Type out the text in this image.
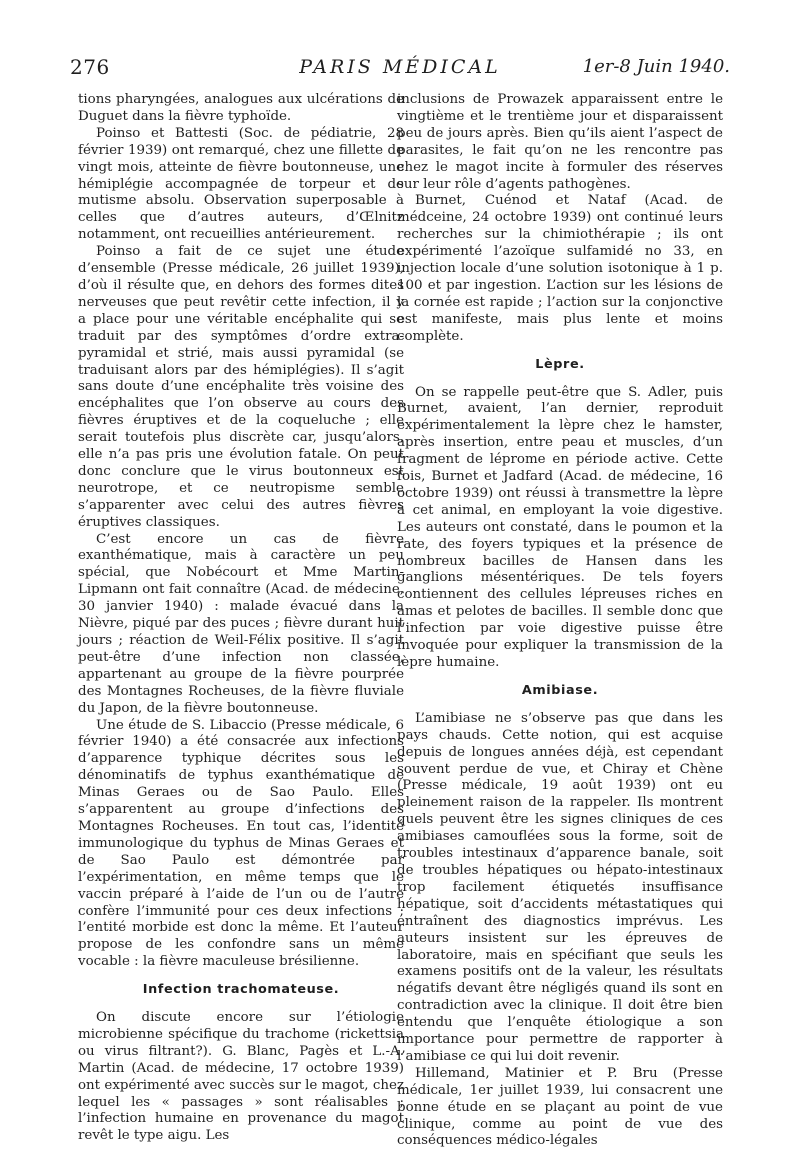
276	PARIS MÉDICAL	1er-8 Juin 1940.

tions pharyngées, analogues aux ulcérations de Duguet dans la fièvre typhoïde.

Poinso et Battesti (Soc. de pédiatrie, 28 février 1939) ont remarqué, chez une fillette de vingt mois, atteinte de fièvre boutonneuse, une hémiplégie accompagnée de torpeur et de mutisme absolu. Observation superposable à celles que d’autres auteurs, d’Œlnitz notamment, ont recueillies antérieurement.

Poinso a fait de ce sujet une étude d’ensemble (Presse médicale, 26 juillet 1939), d’où il résulte que, en dehors des formes dites nerveuses que peut revêtir cette infection, il y a place pour une véritable encéphalite qui se traduit par des symptômes d’ordre extra-pyramidal et strié, mais aussi pyramidal (se traduisant alors par des hémiplégies). Il s’agit sans doute d’une encéphalite très voisine des encéphalites que l’on observe au cours des fièvres éruptives et de la coqueluche ; elle serait toutefois plus discrète car, jusqu’alors, elle n’a pas pris une évolution fatale. On peut donc conclure que le virus boutonneux est neurotrope, et ce neutropisme semble s’apparenter avec celui des autres fièvres éruptives classiques.

C’est encore un cas de fièvre exanthématique, mais à caractère un peu spécial, que Nobécourt et Mme Martin-Lipmann ont fait connaître (Acad. de médecine, 30 janvier 1940) : malade évacué dans la Nièvre, piqué par des puces ; fièvre durant huit jours ; réaction de Weil-Félix positive. Il s’agit peut-être d’une infection non classée, appartenant au groupe de la fièvre pourprée des Montagnes Rocheuses, de la fièvre fluviale du Japon, de la fièvre boutonneuse.

Une étude de S. Libaccio (Presse médicale, 6 février 1940) a été consacrée aux infections d’apparence typhique décrites sous les dénominatifs de typhus exanthématique de Minas Geraes ou de Sao Paulo. Elles s’apparentent au groupe d’infections des Montagnes Rocheuses. En tout cas, l’identité immunologique du typhus de Minas Geraes et de Sao Paulo est démontrée par l’expérimentation, en même temps que le vaccin préparé à l’aide de l’un ou de l’autre confère l’immunité pour ces deux infections ; l’entité morbide est donc la même. Et l’auteur propose de les confondre sans un même vocable : la fièvre maculeuse brésilienne.

Infection trachomateuse.

On discute encore sur l’étiologie microbienne spécifique du trachome (rickettsia ou virus filtrant?). G. Blanc, Pagès et L.-A. Martin (Acad. de médecine, 17 octobre 1939) ont expérimenté avec succès sur le magot, chez lequel les « passages » sont réalisables ; l’infection humaine en provenance du magot revêt le type aigu. Les

inclusions de Prowazek apparaissent entre le vingtième et le trentième jour et disparaissent peu de jours après. Bien qu’ils aient l’aspect de parasites, le fait qu’on ne les rencontre pas chez le magot incite à formuler des réserves sur leur rôle d’agents pathogènes.

Burnet, Cuénod et Nataf (Acad. de médceine, 24 octobre 1939) ont continué leurs recherches sur la chimiothérapie ; ils ont expérimenté l’azoïque sulfamidé no 33, en injection locale d’une solution isotonique à 1 p. 100 et par ingestion. L’action sur les lésions de la cornée est rapide ; l’action sur la conjonctive est manifeste, mais plus lente et moins complète.

Lèpre.

On se rappelle peut-être que S. Adler, puis Burnet, avaient, l’an dernier, reproduit expérimentalement la lèpre chez le hamster, après insertion, entre peau et muscles, d’un fragment de léprome en période active. Cette fois, Burnet et Jadfard (Acad. de médecine, 16 octobre 1939) ont réussi à transmettre la lèpre à cet animal, en employant la voie digestive. Les auteurs ont constaté, dans le poumon et la rate, des foyers typiques et la présence de nombreux bacilles de Hansen dans les ganglions mésentériques. De tels foyers contiennent des cellules lépreuses riches en amas et pelotes de bacilles. Il semble donc que l’infection par voie digestive puisse être invoquée pour expliquer la transmission de la lèpre humaine.

Amibiase.

L’amibiase ne s’observe pas que dans les pays chauds. Cette notion, qui est acquise depuis de longues années déjà, est cependant souvent perdue de vue, et Chiray et Chène (Presse médicale, 19 août 1939) ont eu pleinement raison de la rappeler. Ils montrent quels peuvent être les signes cliniques de ces amibiases camouflées sous la forme, soit de troubles intestinaux d’apparence banale, soit de troubles hépatiques ou hépato-intestinaux trop facilement étiquetés insuffisance hépatique, soit d’accidents métastatiques qui entraînent des diagnostics imprévus. Les auteurs insistent sur les épreuves de laboratoire, mais en spécifiant que seuls les examens positifs ont de la valeur, les résultats négatifs devant être négligés quand ils sont en contradiction avec la clinique. Il doit être bien entendu que l’enquête étiologique a son importance pour permettre de rapporter à l’amibiase ce qui lui doit revenir.

Hillemand, Matinier et P. Bru (Presse médicale, 1er juillet 1939, lui consacrent une bonne étude en se plaçant au point de vue clinique, comme au point de vue des conséquences médico-légales
